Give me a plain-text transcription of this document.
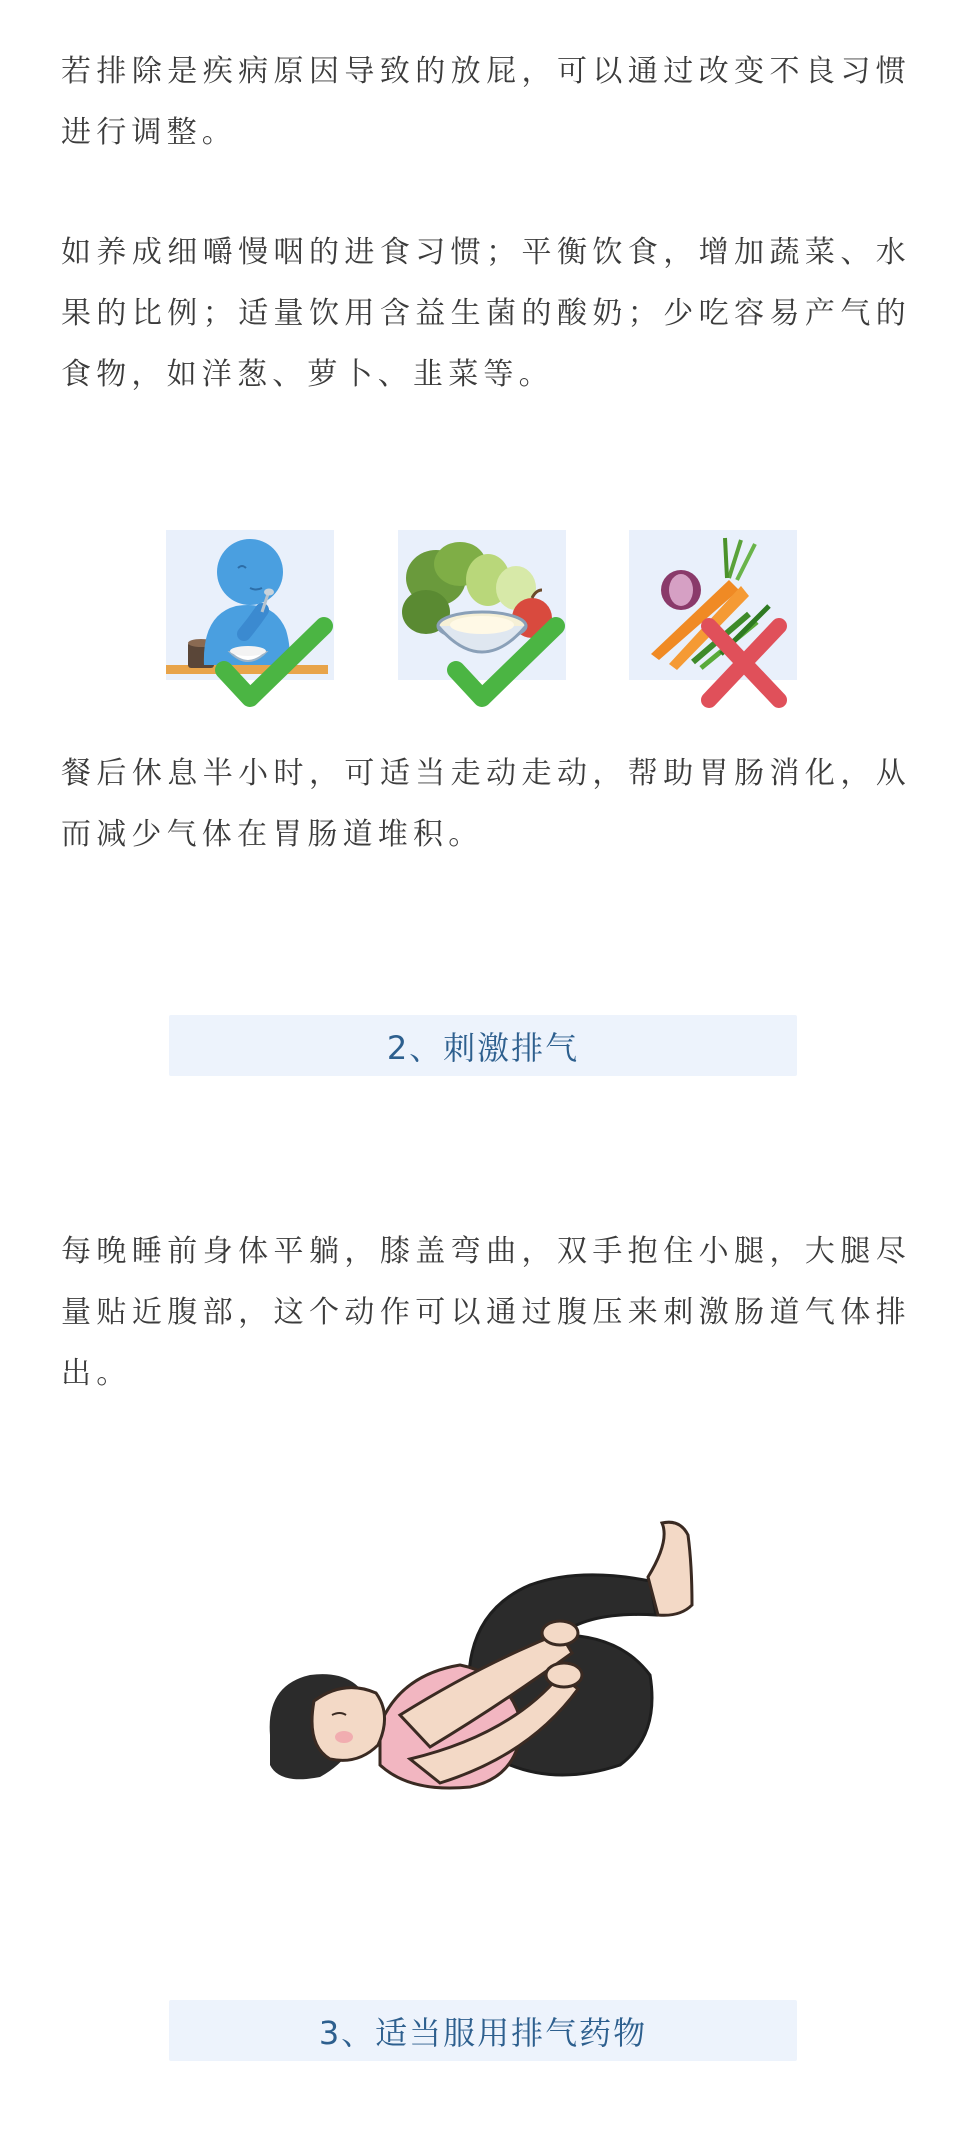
若排除是疾病原因导致的放屁，可以通过改变不良习惯进行调整。

如养成细嚼慢咽的进食习惯；平衡饮食，增加蔬菜、水果的比例；适量饮用含益生菌的酸奶；少吃容易产气的食物，如洋葱、萝卜、韭菜等。

餐后休息半小时，可适当走动走动，帮助胃肠消化，从而减少气体在胃肠道堆积。

2、刺激排气

每晚睡前身体平躺，膝盖弯曲，双手抱住小腿，大腿尽量贴近腹部，这个动作可以通过腹压来刺激肠道气体排出。

3、适当服用排气药物
